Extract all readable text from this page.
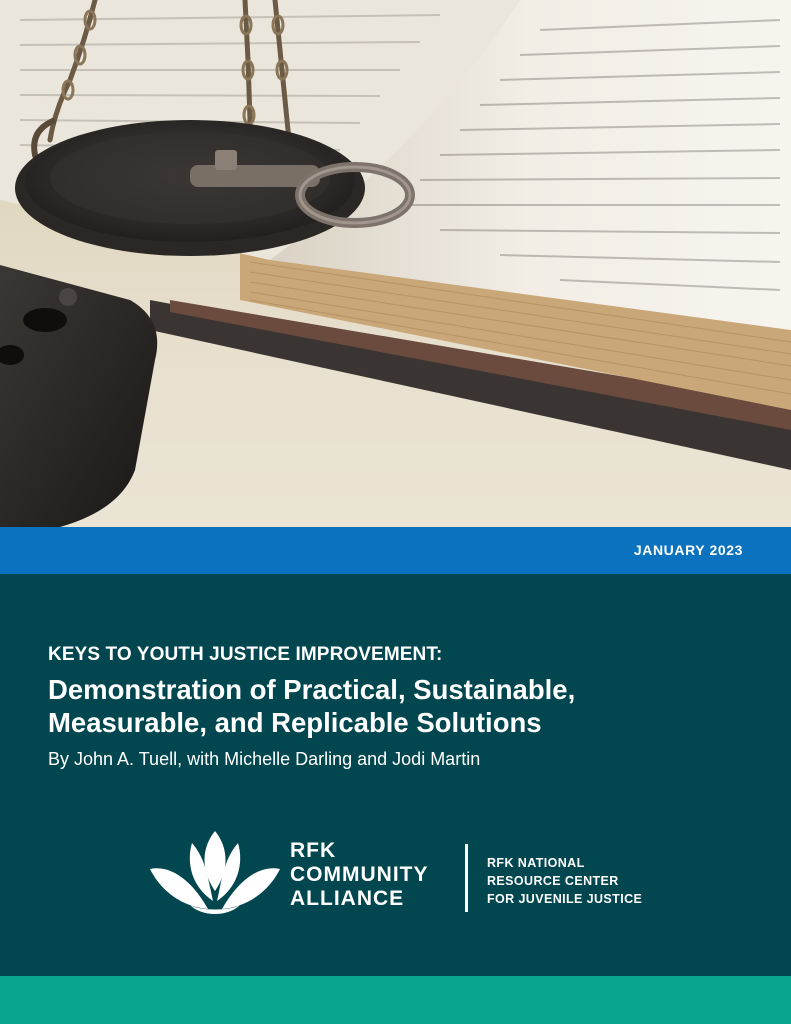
JANUARY 2023
KEYS TO YOUTH JUSTICE IMPROVEMENT:
Demonstration of Practical, Sustainable,
Measurable, and Replicable Solutions
By John A. Tuell, with Michelle Darling and Jodi Martin
RFK
COMMUNITY
ALLIANCE
RFK NATIONAL
RESOURCE CENTER
FOR JUVENILE JUSTICE
